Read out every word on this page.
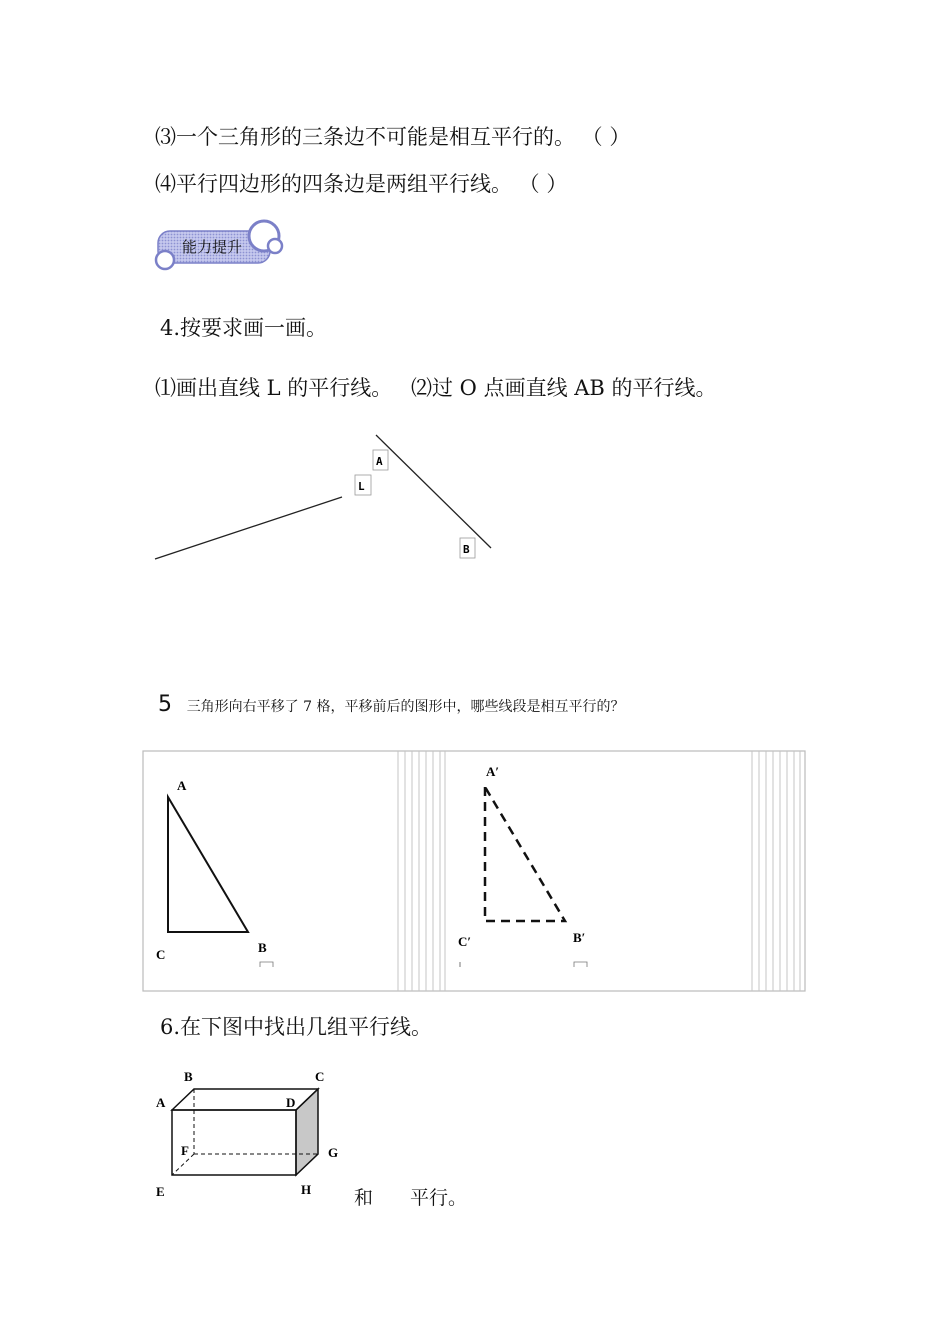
⑶一个三角形的三条边不可能是相互平行的。 （ ）
⑷平行四边形的四条边是两组平行线。 （ ）
能力提升
4.按要求画一画。
⑴画出直线 L 的平行线。 ⑵过 O 点画直线 AB 的平行线。
A
L
B
5 三角形向右平移了 7 格，平移前后的图形中，哪些线段是相互平行的？
A
B
C
A′
B′
C′
6.在下图中找出几组平行线。
A
B	C
D
E
F	G
H 和 平行。
